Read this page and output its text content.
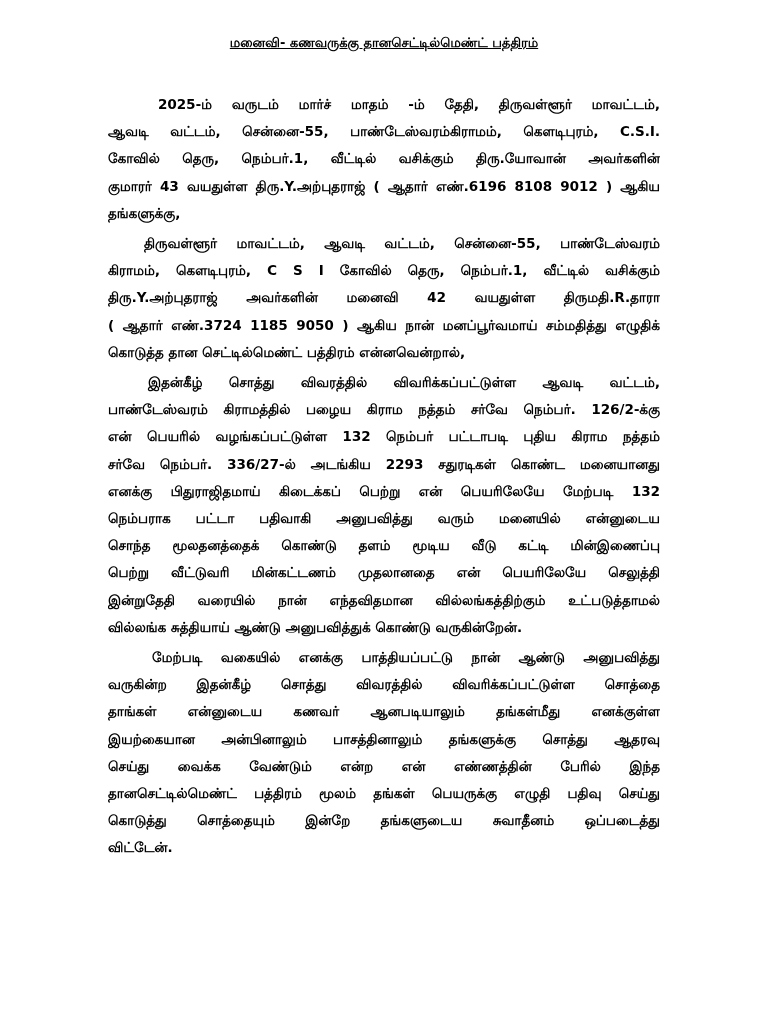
மனைவி- கணவருக்கு தானசெட்டில்மெண்ட் பத்திரம்
2025-ம் வருடம் மார்ச் மாதம் -ம் தேதி, திருவள்ளூர் மாவட்டம்,
ஆவடி வட்டம், சென்னை-55, பாண்டேஸ்வரம்கிராமம், கெளடிபுரம், C.S.I.
கோவில் தெரு, நெம்பர்.1, வீட்டில் வசிக்கும் திரு.யோவான் அவர்களின்
குமாரர் 43 வயதுள்ள திரு.Y.அற்புதராஜ் ( ஆதார் எண்.6196 8108 9012 ) ஆகிய
தங்களுக்கு,
திருவள்ளூர் மாவட்டம், ஆவடி வட்டம், சென்னை-55, பாண்டேஸ்வரம்
கிராமம், கெளடிபுரம், C S I கோவில் தெரு, நெம்பர்.1, வீட்டில் வசிக்கும்
திரு.Y.அற்புதராஜ் அவர்களின் மனைவி 42 வயதுள்ள திருமதி.R.தாரா
( ஆதார் எண்.3724 1185 9050 ) ஆகிய நான் மனப்பூர்வமாய் சம்மதித்து எழுதிக்
கொடுத்த தான செட்டில்மெண்ட் பத்திரம் என்னவென்றால்,
இதன்கீழ் சொத்து விவரத்தில் விவரிக்கப்பட்டுள்ள ஆவடி வட்டம்,
பாண்டேஸ்வரம் கிராமத்தில் பழைய கிராம நத்தம் சர்வே நெம்பர். 126/2-க்கு
என் பெயரில் வழங்கப்பட்டுள்ள 132 நெம்பர் பட்டாபடி புதிய கிராம நத்தம்
சர்வே நெம்பர். 336/27-ல் அடங்கிய 2293 சதுரடிகள் கொண்ட மனையானது
எனக்கு பிதுராஜிதமாய் கிடைக்கப் பெற்று என் பெயரிலேயே மேற்படி 132
நெம்பராக பட்டா பதிவாகி அனுபவித்து வரும் மனையில் என்னுடைய
சொந்த மூலதனத்தைக் கொண்டு தளம் மூடிய வீடு கட்டி மின்இணைப்பு
பெற்று வீட்டுவரி மின்கட்டணம் முதலானதை என் பெயரிலேயே செலுத்தி
இன்றுதேதி வரையில் நான் எந்தவிதமான வில்லங்கத்திற்கும் உட்படுத்தாமல்
வில்லங்க சுத்தியாய் ஆண்டு அனுபவித்துக் கொண்டு வருகின்றேன்.
மேற்படி வகையில் எனக்கு பாத்தியப்பட்டு நான் ஆண்டு அனுபவித்து
வருகின்ற இதன்கீழ் சொத்து விவரத்தில் விவரிக்கப்பட்டுள்ள சொத்தை
தாங்கள் என்னுடைய கணவர் ஆனபடியாலும் தங்கள்மீது எனக்குள்ள
இயற்கையான அன்பினாலும் பாசத்தினாலும் தங்களுக்கு சொத்து ஆதரவு
செய்து வைக்க வேண்டும் என்ற என் எண்ணத்தின் பேரில் இந்த
தானசெட்டில்மெண்ட் பத்திரம் மூலம் தங்கள் பெயருக்கு எழுதி பதிவு செய்து
கொடுத்து சொத்தையும் இன்றே தங்களுடைய சுவாதீனம் ஒப்படைத்து
விட்டேன்.
